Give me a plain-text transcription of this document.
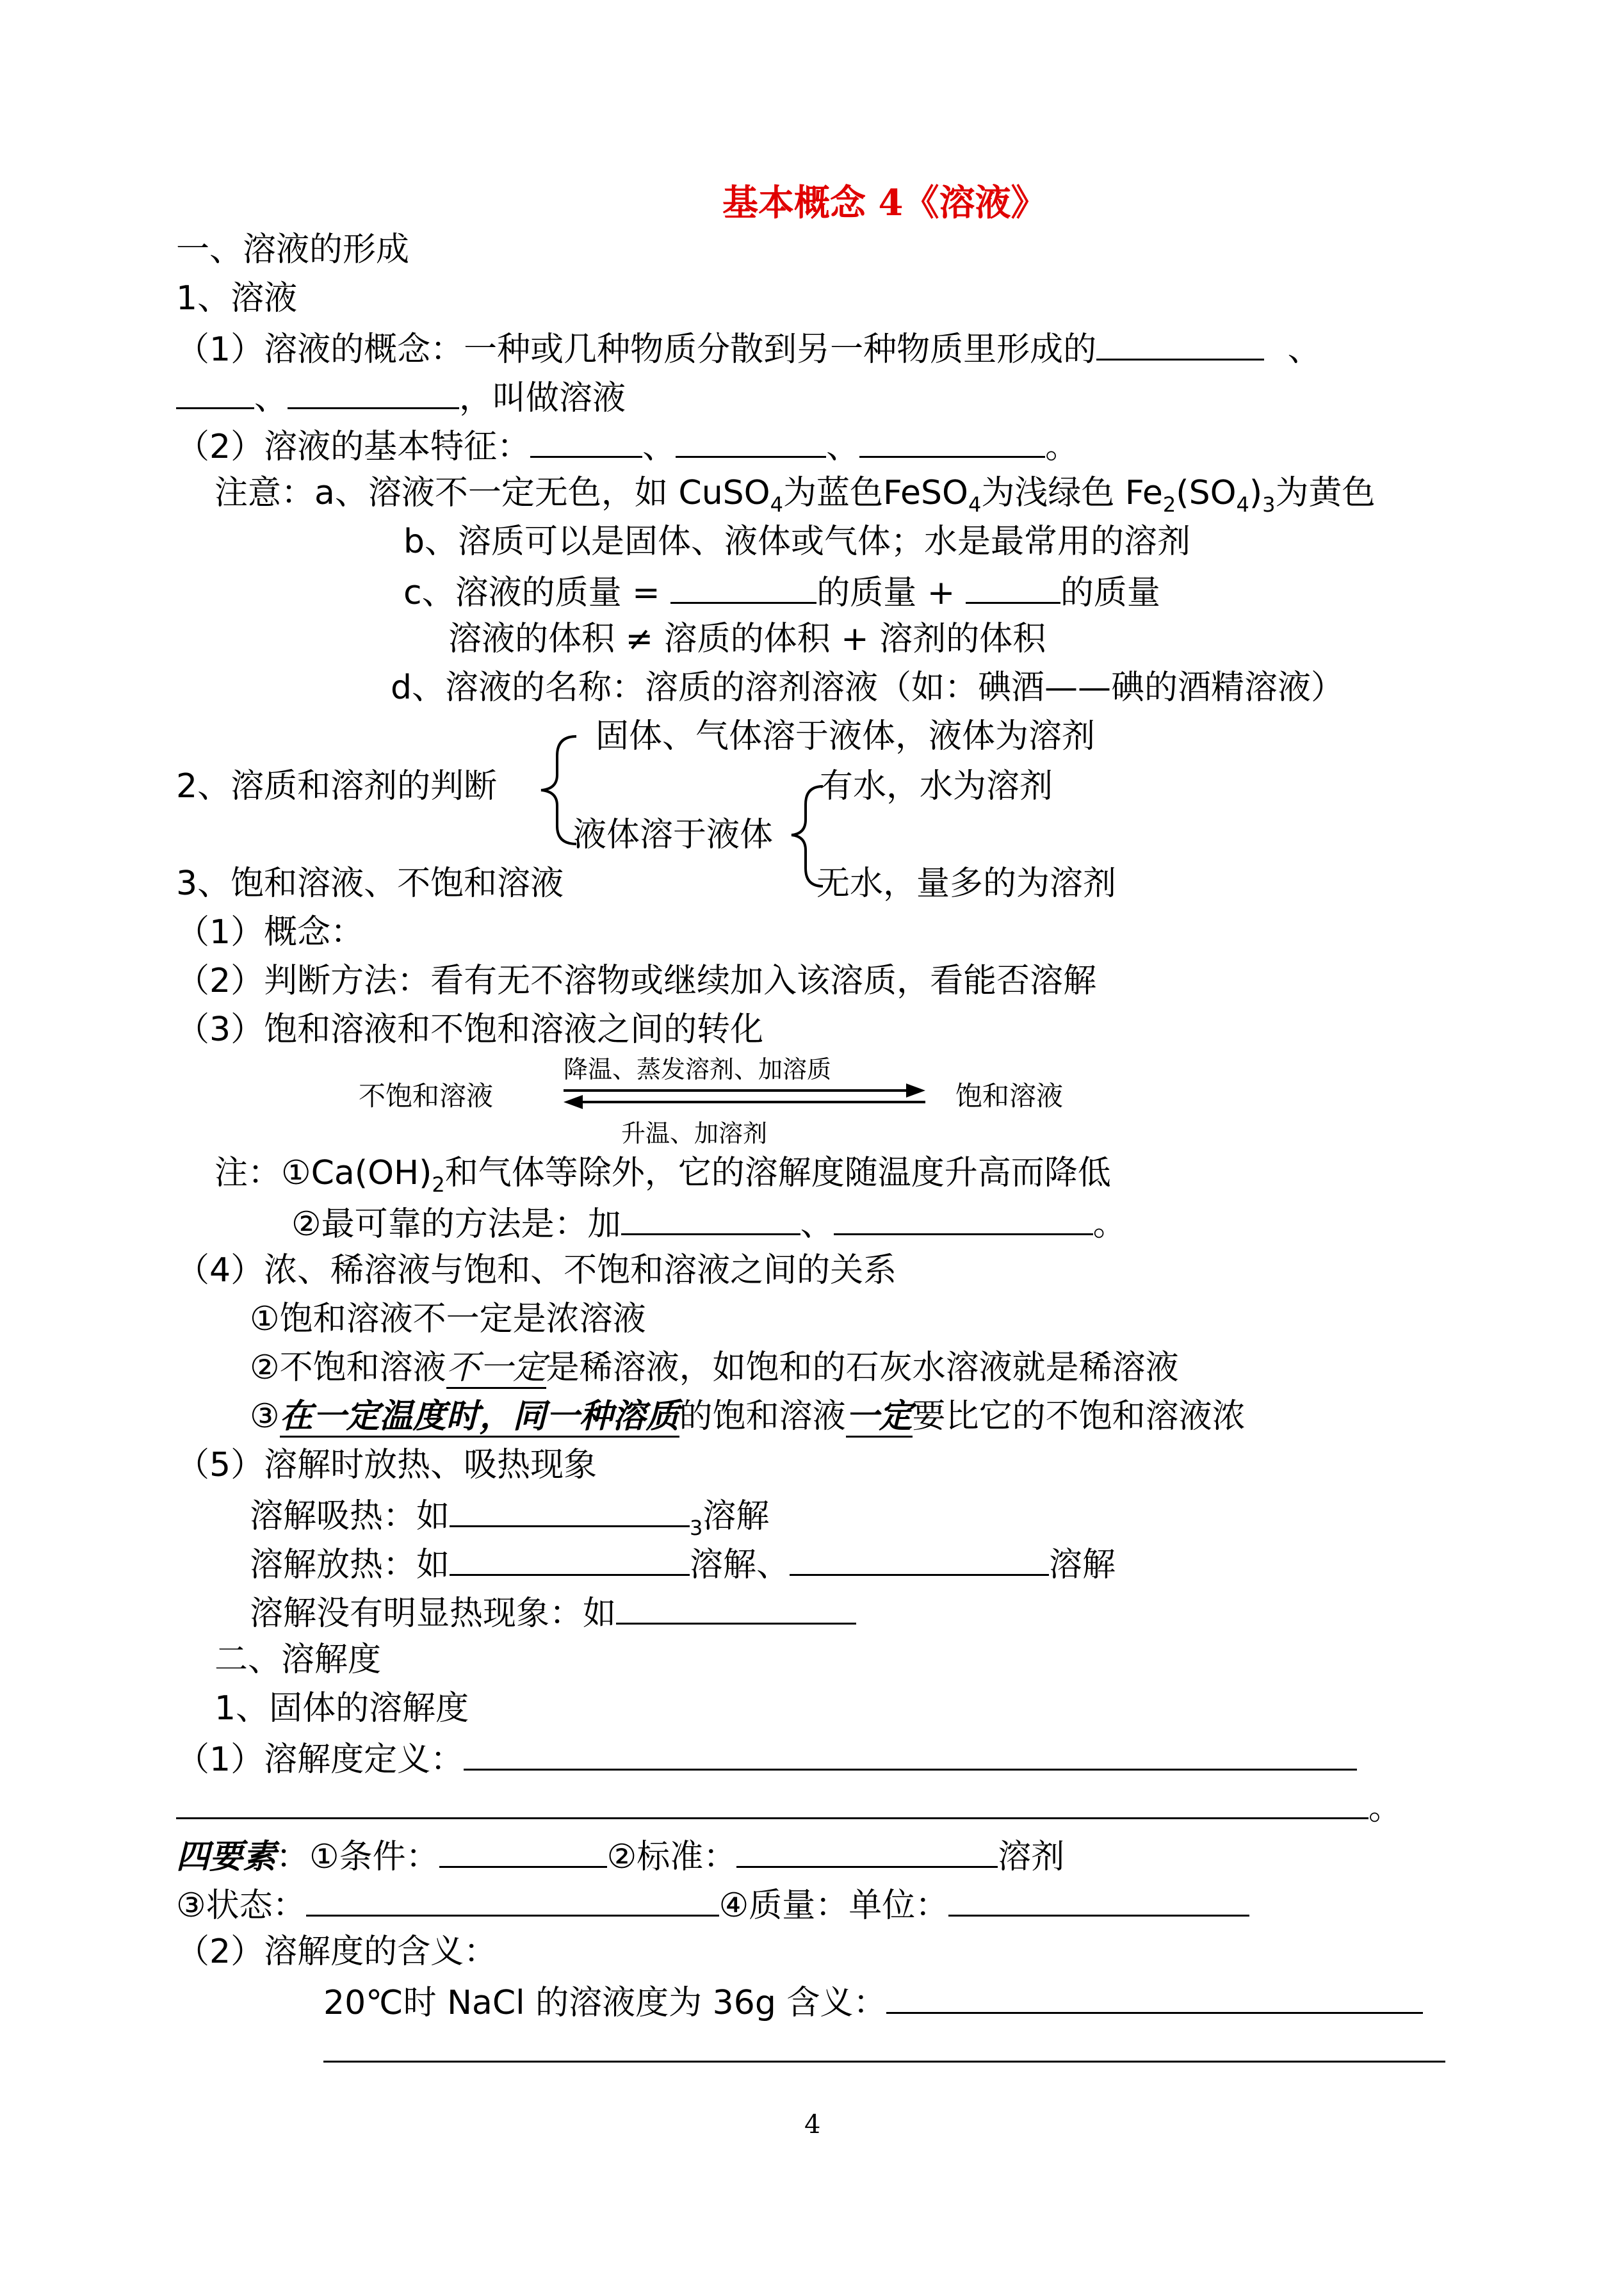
基本概念 4《溶液》
一、溶液的形成
1、溶液
（1）溶液的概念：一种或几种物质分散到另一种物质里形成的	、
、	，叫做溶液
（2）溶液的基本特征：	、	、	。
注意：a、溶液不一定无色，如 CuSO$_4$为蓝色FeSO$_4$为浅绿色 $Fe_2(SO_4)_3$为黄色
b、溶质可以是固体、液体或气体；水是最常用的溶剂
c、溶液的质量 =	的质量 +	的质量
溶液的体积 ≠ 溶质的体积 + 溶剂的体积
d、溶液的名称：溶质的溶剂溶液（如：碘酒——碘的酒精溶液）
固体、气体溶于液体，液体为溶剂
2、溶质和溶剂的判断	有水，水为溶剂
液体溶于液体
3、饱和溶液、不饱和溶液	无水，量多的为溶剂
（1）概念：
（2）判断方法：看有无不溶物或继续加入该溶质，看能否溶解
（3）饱和溶液和不饱和溶液之间的转化
不饱和溶液	饱和溶液
降温、蒸发溶剂、加溶质
升温、加溶剂
注：$①Ca(OH)_2$和气体等除外，它的溶解度随温度升高而降低
②最可靠的方法是：加	、	。
（4）浓、稀溶液与饱和、不饱和溶液之间的关系
①饱和溶液不一定是浓溶液
②不饱和溶液不一定是稀溶液，如饱和的石灰水溶液就是稀溶液
③在一定温度时，同一种溶质的饱和溶液一定要比它的不饱和溶液浓
（5）溶解时放热、吸热现象
溶解吸热：如	$_3$溶解
溶解放热：如	溶解、	溶解
溶解没有明显热现象：如
二、溶解度
1、固体的溶解度
（1）溶解度定义：
。
四要素：①条件：	②标准：	溶剂
③状态：	④质量：单位：
（2）溶解度的含义：
20℃时 NaCl 的溶液度为 36g 含义：
4
